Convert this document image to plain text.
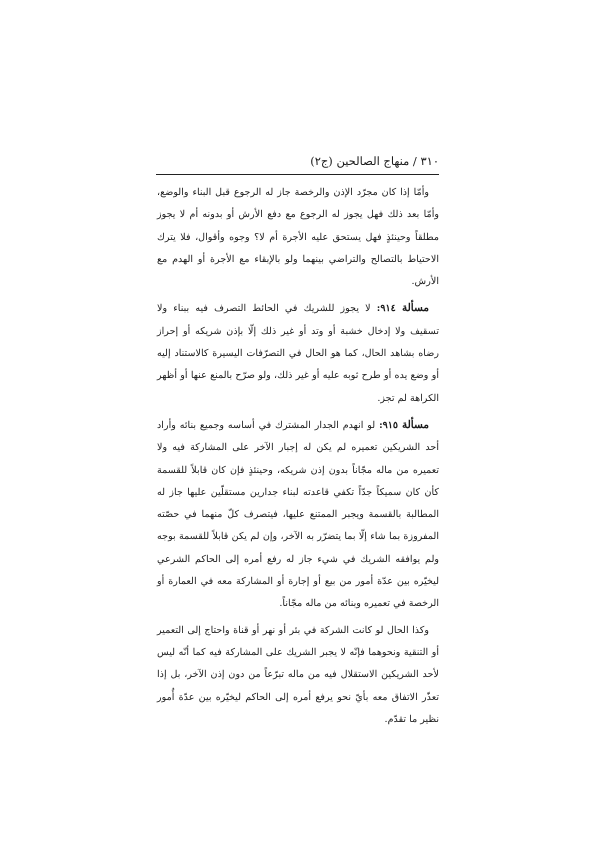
٣١٠ / منهاج الصالحين (ج٢)

وأمّا إذا كان مجرّد الإذن والرخصة جاز له الرجوع قبل البناء والوضع، وأمّا بعد ذلك فهل يجوز له الرجوع مع دفع الأرش أو بدونه أم لا يجوز مطلقاً وحينئذٍ فهل يستحق عليه الأجرة أم لا؟ وجوه وأقوال، فلا يترك الاحتياط بالتصالح والتراضي بينهما ولو بالإبقاء مع الأجرة أو الهدم مع الأرش.

مسألة ٩١٤: لا يجوز للشريك في الحائط التصرف فيه ببناء ولا تسقيف ولا إدخال خشبة أو وتد أو غير ذلك إلّا بإذن شريكه أو إحراز رضاه بشاهد الحال، كما هو الحال في التصرّفات اليسيرة كالاستناد إليه أو وضع يده أو طرح ثوبه عليه أو غير ذلك، ولو صرّح بالمنع عنها أو أظهر الكراهة لم تجز.

مسألة ٩١٥: لو انهدم الجدار المشترك في أساسه وجميع بنائه وأراد أحد الشريكين تعميره لم يكن له إجبار الآخر على المشاركة فيه ولا تعميره من ماله مجّاناً بدون إذن شريكه، وحينئذٍ فإن كان قابلاً للقسمة كأن كان سميكاً جدّاً تكفي قاعدته لبناء جدارين مستقلّين عليها جاز له المطالبة بالقسمة ويجبر الممتنع عليها، فيتصرف كلّ منهما في حصّته المفروزة بما شاء إلّا بما يتضرّر به الآخر، وإن لم يكن قابلاً للقسمة بوجه ولم يوافقه الشريك في شيء جاز له رفع أمره إلى الحاكم الشرعي ليخيّره بين عدّة أمور من بيع أو إجارة أو المشاركة معه في العمارة أو الرخصة في تعميره وبنائه من ماله مجّاناً.

وكذا الحال لو كانت الشركة في بئر أو نهر أو قناة واحتاج إلى التعمير أو التنقية ونحوهما فإنّه لا يجبر الشريك على المشاركة فيه كما أنّه ليس لأحد الشريكين الاستقلال فيه من ماله تبرّعاً من دون إذن الآخر، بل إذا تعذّر الاتفاق معه بأيّ نحو يرفع أمره إلى الحاكم ليخيّره بين عدّة أُمور نظير ما تقدّم.
